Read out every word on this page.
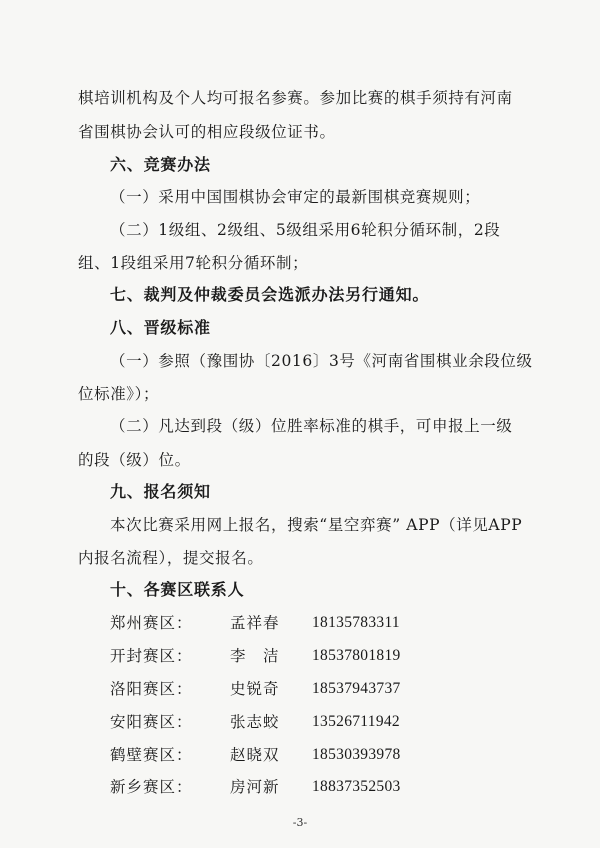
棋培训机构及个人均可报名参赛。参加比赛的棋手须持有河南
省围棋协会认可的相应段级位证书。
六、竞赛办法
（一）采用中国围棋协会审定的最新围棋竞赛规则；
（二）1级组、2级组、5级组采用6轮积分循环制，2段
组、1段组采用7轮积分循环制；
七、裁判及仲裁委员会选派办法另行通知。
八、晋级标准
（一）参照（豫围协〔2016〕3号《河南省围棋业余段位级
位标准》）；
（二）凡达到段（级）位胜率标准的棋手，可申报上一级
的段（级）位。
九、报名须知
本次比赛采用网上报名，搜索“星空弈赛” APP（详见APP
内报名流程），提交报名。
十、各赛区联系人
郑州赛区： 孟祥春 18135783311
开封赛区： 李　洁 18537801819
洛阳赛区： 史锐奇 18537943737
安阳赛区： 张志蛟 13526711942
鹤壁赛区： 赵晓双 18530393978
新乡赛区： 房河新 18837352503
-3-
